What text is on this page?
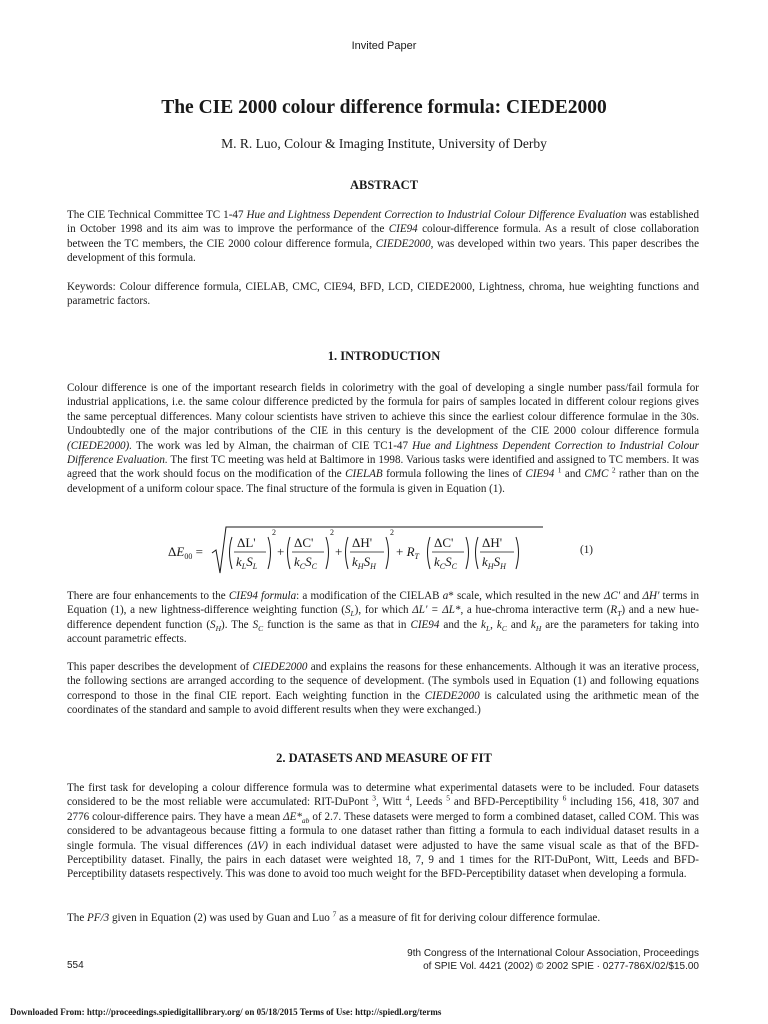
Invited Paper
The CIE 2000 colour difference formula: CIEDE2000
M. R. Luo, Colour & Imaging Institute, University of Derby
ABSTRACT
The CIE Technical Committee TC 1-47 Hue and Lightness Dependent Correction to Industrial Colour Difference Evaluation was established in October 1998 and its aim was to improve the performance of the CIE94 colour-difference formula. As a result of close collaboration between the TC members, the CIE 2000 colour difference formula, CIEDE2000, was developed within two years. This paper describes the development of this formula.
Keywords: Colour difference formula, CIELAB, CMC, CIE94, BFD, LCD, CIEDE2000, Lightness, chroma, hue weighting functions and parametric factors.
1. INTRODUCTION
Colour difference is one of the important research fields in colorimetry with the goal of developing a single number pass/fail formula for industrial applications, i.e. the same colour difference predicted by the formula for pairs of samples located in different colour regions gives the same perceptual differences. Many colour scientists have striven to achieve this since the earliest colour difference formulae in the 30s. Undoubtedly one of the major contributions of the CIE in this century is the development of the CIE 2000 colour difference formula (CIEDE2000). The work was led by Alman, the chairman of CIE TC1-47 Hue and Lightness Dependent Correction to Industrial Colour Difference Evaluation. The first TC meeting was held at Baltimore in 1998. Various tasks were identified and assigned to TC members. It was agreed that the work should focus on the modification of the CIELAB formula following the lines of CIE94 $^1$ and CMC $^2$ rather than on the development of a uniform colour space. The final structure of the formula is given in Equation (1).
$\Delta E_{00}$ =
ΔL'
$k_LS_L$
2
+
ΔC'
$k_CS_C$
2
+
ΔH'
$k_HS_H$
2
+ $R_T$
ΔC'
$k_CS_C$
ΔH'
$k_HS_H$
(1)
There are four enhancements to the CIE94 formula: a modification of the CIELAB a* scale, which resulted in the new ΔC' and ΔH' terms in Equation (1), a new lightness-difference weighting function $(S_L)$, for which ΔL' = ΔL*, a hue-chroma interactive term $(R_T)$ and a new hue-difference dependent function $(S_H)$. The $S_C$ function is the same as that in CIE94 and the $k_L$, $k_C$ and $k_H$ are the parameters for taking into account parametric effects.
This paper describes the development of CIEDE2000 and explains the reasons for these enhancements. Although it was an iterative process, the following sections are arranged according to the sequence of development. (The symbols used in Equation (1) and following equations correspond to those in the final CIE report. Each weighting function in the CIEDE2000 is calculated using the arithmetic mean of the coordinates of the standard and sample to avoid different results when they were exchanged.)
2. DATASETS AND MEASURE OF FIT
The first task for developing a colour difference formula was to determine what experimental datasets were to be included. Four datasets considered to be the most reliable were accumulated: RIT-DuPont $^3$, Witt $^4$, Leeds $^5$ and BFD-Perceptibility $^6$ including 156, 418, 307 and 2776 colour-difference pairs. They have a mean $\Delta E*_{ab}$ of 2.7. These datasets were merged to form a combined dataset, called COM. This was considered to be advantageous because fitting a formula to one dataset rather than fitting a formula to each individual dataset results in a single formula. The visual differences (ΔV) in each individual dataset were adjusted to have the same visual scale as that of the BFD-Perceptibility dataset. Finally, the pairs in each dataset were weighted 18, 7, 9 and 1 times for the RIT-DuPont, Witt, Leeds and BFD-Perceptibility datasets respectively. This was done to avoid too much weight for the BFD-Perceptibility dataset when developing a formula.
The PF/3 given in Equation (2) was used by Guan and Luo $^7$ as a measure of fit for deriving colour difference formulae.
554
9th Congress of the International Colour Association, Proceedings
of SPIE Vol. 4421 (2002) © 2002 SPIE · 0277-786X/02/$15.00
Downloaded From: http://proceedings.spiedigitallibrary.org/ on 05/18/2015 Terms of Use: http://spiedl.org/terms
